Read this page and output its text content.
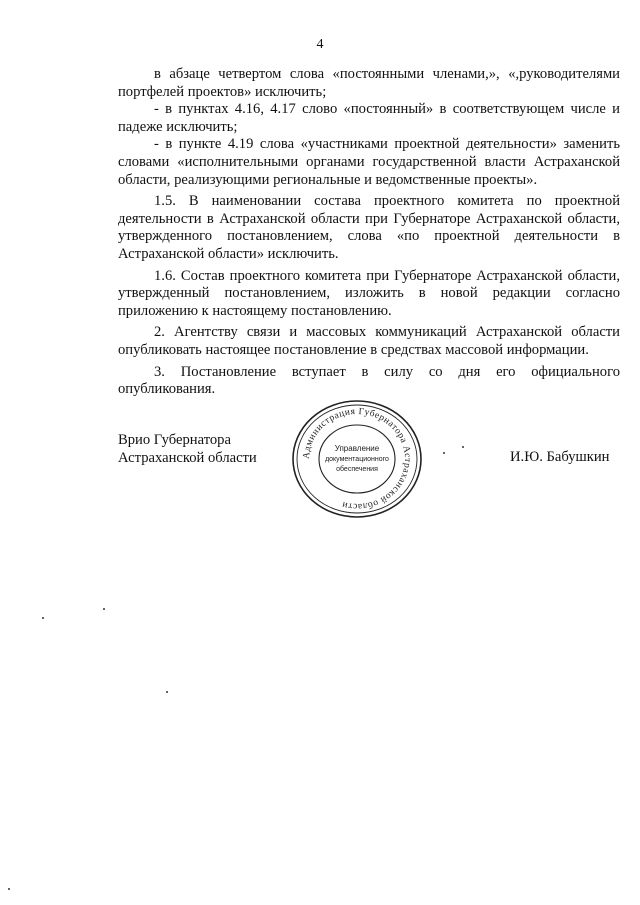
4

в абзаце четвертом слова «постоянными членами,», «,руководителями портфелей проектов» исключить;

- в пунктах 4.16, 4.17 слово «постоянный» в соответствующем числе и падеже исключить;

- в пункте 4.19 слова «участниками проектной деятельности» заменить словами «исполнительными органами государственной власти Астраханской области, реализующими региональные и ведомственные проекты».

1.5. В наименовании состава проектного комитета по проектной деятельности в Астраханской области при Губернаторе Астраханской области, утвержденного постановлением, слова «по проектной деятельности в Астраханской области» исключить.

1.6. Состав проектного комитета при Губернаторе Астраханской области, утвержденный постановлением, изложить в новой редакции согласно приложению к настоящему постановлению.

2. Агентству связи и массовых коммуникаций Астраханской области опубликовать настоящее постановление в средствах массовой информации.

3. Постановление вступает в силу со дня его официального опубликования.

Врио Губернатора
Астраханской области	Администрация Губернатора Астраханской области
Управление
документационного
обеспечения
И.Ю. Бабушкин
